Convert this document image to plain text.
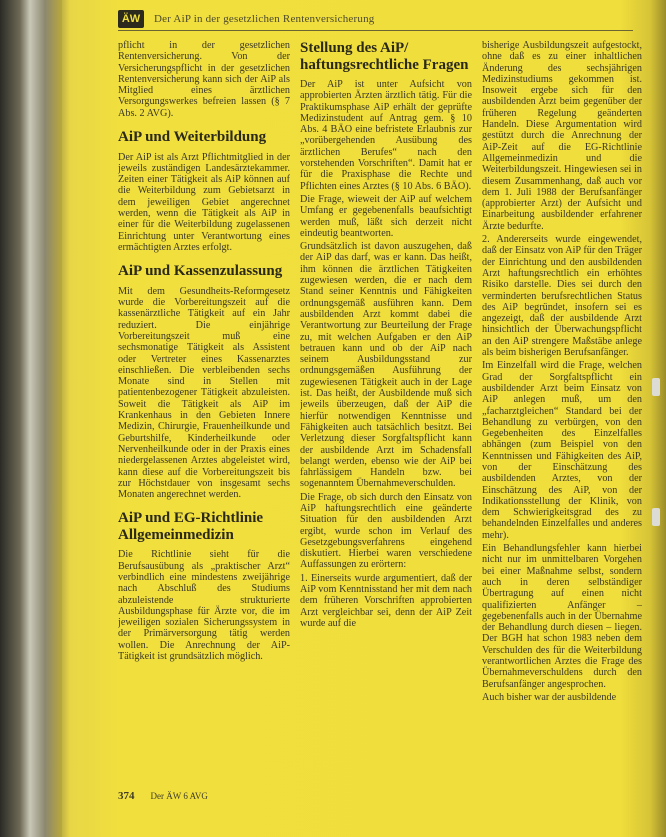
ÄW	Der AiP in der gesetzlichen Rentenversicherung

pflicht in der gesetzlichen Rentenversicherung. Von der Versicherungspflicht in der gesetzlichen Rentenversicherung kann sich der AiP als Mitglied eines ärztlichen Versorgungswerkes befreien lassen (§ 7 Abs. 2 AVG).

AiP und Weiterbildung

Der AiP ist als Arzt Pflichtmitglied in der jeweils zuständigen Landesärztekammer. Zeiten einer Tätigkeit als AiP können auf die Weiterbildung zum Gebietsarzt in dem jeweiligen Gebiet angerechnet werden, wenn die Tätigkeit als AiP in einer für die Weiterbildung zugelassenen Einrichtung unter Verantwortung eines ermächtigten Arztes erfolgt.

AiP und Kassenzulassung

Mit dem Gesundheits-Reformgesetz wurde die Vorbereitungszeit auf die kassenärztliche Tätigkeit auf ein Jahr reduziert. Die einjährige Vorbereitungszeit muß eine sechsmonatige Tätigkeit als Assistent oder Vertreter eines Kassenarztes einschließen. Die verbleibenden sechs Monate sind in Stellen mit patientenbezogener Tätigkeit abzuleisten. Soweit die Tätigkeit als AiP im Krankenhaus in den Gebieten Innere Medizin, Chirurgie, Frauenheilkunde und Geburtshilfe, Kinderheilkunde oder Nervenheilkunde oder in der Praxis eines niedergelassenen Arztes abgeleistet wird, kann diese auf die Vorbereitungszeit bis zur Höchstdauer von insgesamt sechs Monaten angerechnet werden.

AiP und EG-Richtlinie Allgemeinmedizin

Die Richtlinie sieht für die Berufsausübung als „praktischer Arzt“ verbindlich eine mindestens zweijährige nach Abschluß des Studiums abzuleistende strukturierte Ausbildungsphase für Ärzte vor, die im jeweiligen sozialen Sicherungssystem in der Primärversorgung tätig werden wollen. Die Anrechnung der AiP-Tätigkeit ist grundsätzlich möglich.

Stellung des AiP/ haftungsrechtliche Fragen

Der AiP ist unter Aufsicht von approbierten Ärzten ärztlich tätig. Für die Praktikumsphase AiP erhält der geprüfte Medizinstudent auf Antrag gem. § 10 Abs. 4 BÄO eine befristete Erlaubnis zur „vorübergehenden Ausübung des ärztlichen Berufes“ nach den vorstehenden Vorschriften“. Damit hat er für die Praxisphase die Rechte und Pflichten eines Arztes (§ 10 Abs. 6 BÄO).

Die Frage, wieweit der AiP auf welchem Umfang er gegebenenfalls beaufsichtigt werden muß, läßt sich derzeit nicht eindeutig beantworten.

Grundsätzlich ist davon auszugehen, daß der AiP das darf, was er kann. Das heißt, ihm können die ärztlichen Tätigkeiten zugewiesen werden, die er nach dem Stand seiner Kenntnis und Fähigkeiten ordnungsgemäß ausführen kann. Dem ausbildenden Arzt kommt dabei die Verantwortung zur Beurteilung der Frage zu, mit welchen Aufgaben er den AiP betrauen kann und ob der AiP nach seinem Ausbildungsstand zur ordnungsgemäßen Ausführung der zugewiesenen Tätigkeit auch in der Lage ist. Das heißt, der Ausbildende muß sich jeweils überzeugen, daß der AiP die hierfür notwendigen Kenntnisse und Fähigkeiten auch tatsächlich besitzt. Bei Verletzung dieser Sorgfaltspflicht kann der ausbildende Arzt im Schadensfall belangt werden, ebenso wie der AiP bei fahrlässigem Handeln bzw. bei sogenanntem Übernahmeverschulden.

Die Frage, ob sich durch den Einsatz von AiP haftungsrechtlich eine geänderte Situation für den ausbildenden Arzt ergibt, wurde schon im Verlauf des Gesetzgebungsverfahrens eingehend diskutiert. Hierbei waren verschiedene Auffassungen zu erörtern:

1. Einerseits wurde argumentiert, daß der AiP vom Kenntnisstand her mit dem nach dem früheren Vorschriften approbierten Arzt vergleichbar sei, denn der AiP Zeit wurde auf die

bisherige Ausbildungszeit aufgestockt, ohne daß es zu einer inhaltlichen Änderung des sechsjährigen Medizinstudiums gekommen ist. Insoweit ergebe sich für den ausbildenden Arzt beim gegenüber der früheren Regelung geänderten Handeln. Diese Argumentation wird gestützt durch die Anrechnung der AiP-Zeit auf die EG-Richtlinie Allgemeinmedizin und die Weiterbildungszeit. Hingewiesen sei in diesem Zusammenhang, daß auch vor dem 1. Juli 1988 der Berufsanfänger (approbierter Arzt) der Aufsicht und Einarbeitung ausbildender erfahrener Ärzte bedurfte.

2. Andererseits wurde eingewendet, daß der Einsatz von AiP für den Träger der Einrichtung und den ausbildenden Arzt haftungsrechtlich ein erhöhtes Risiko darstelle. Dies sei durch den verminderten berufsrechtlichen Status des AiP begründet, insofern sei es angezeigt, daß der ausbildende Arzt hinsichtlich der Überwachungspflicht an den AiP strengere Maßstäbe anlege als beim bisherigen Berufsanfänger.

Im Einzelfall wird die Frage, welchen Grad der Sorgfaltspflicht ein ausbildender Arzt beim Einsatz von AiP anlegen muß, um den „facharztgleichen“ Standard bei der Behandlung zu verbürgen, von den Gegebenheiten des Einzelfalles abhängen (zum Beispiel von den Kenntnissen und Fähigkeiten des AiP, von der Einschätzung des ausbildenden Arztes, von der Einschätzung des AiP, von der Indikationsstellung der Klinik, von dem Schwierigkeitsgrad des zu behandelnden Einzelfalles und anderes mehr).

Ein Behandlungsfehler kann hierbei nicht nur im unmittelbaren Vorgehen bei einer Maßnahme selbst, sondern auch in deren selbständiger Übertragung auf einen nicht qualifizierten Anfänger – gegebenenfalls auch in der Übernahme der Behandlung durch diesen – liegen. Der BGH hat schon 1983 neben dem Verschulden des für die Weiterbildung verantwortlichen Arztes die Frage des Übernahmeverschuldens durch den Berufsanfänger angesprochen.

Auch bisher war der ausbildende

374 Der ÄW 6 AVG
